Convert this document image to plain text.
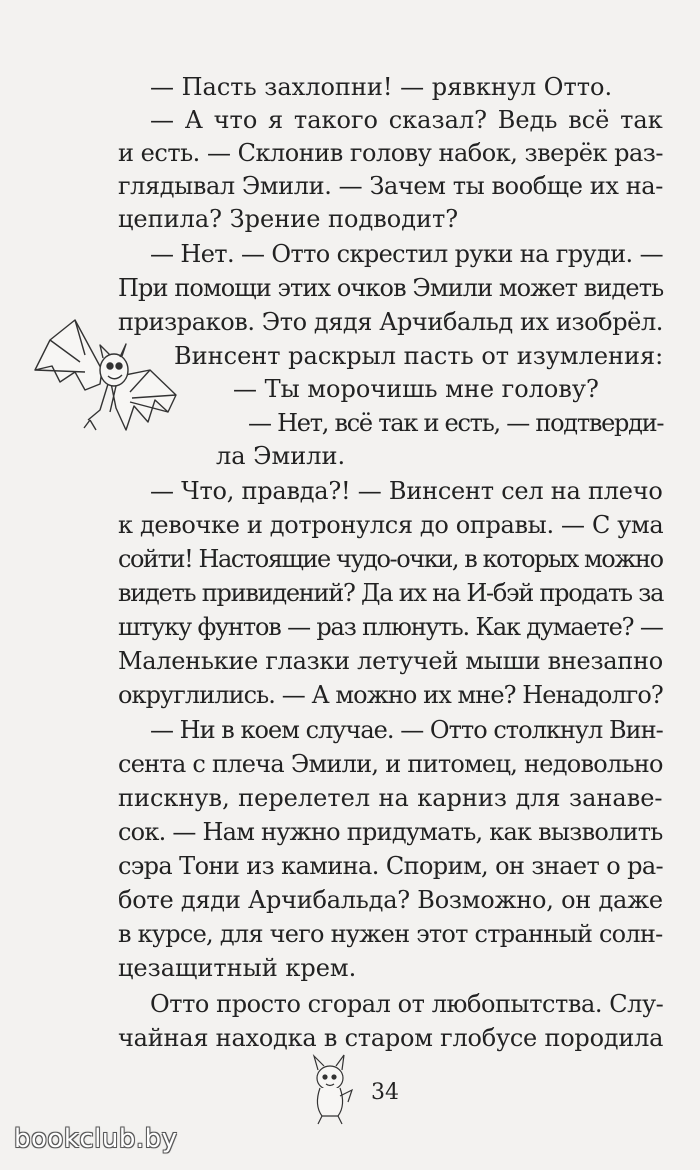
— Пасть захлопни! — рявкнул Отто.
— А что я такого сказал? Ведь всё так
и есть. — Склонив голову набок, зверёк раз-
глядывал Эмили. — Зачем ты вообще их на-
цепила? Зрение подводит?
— Нет. — Отто скрестил руки на груди. —
При помощи этих очков Эмили может видеть
призраков. Это дядя Арчибальд их изобрёл.
Винсент раскрыл пасть от изумления:
— Ты морочишь мне голову?
— Нет, всё так и есть, — подтверди-
ла Эмили.
— Что, правда?! — Винсент сел на плечо
к девочке и дотронулся до оправы. — С ума
сойти! Настоящие чудо-очки, в которых можно
видеть привидений? Да их на И-бэй продать за
штуку фунтов — раз плюнуть. Как думаете? —
Маленькие глазки летучей мыши внезапно
округлились. — А можно их мне? Ненадолго?
— Ни в коем случае. — Отто столкнул Вин-
сента с плеча Эмили, и питомец, недовольно
пискнув, перелетел на карниз для занаве-
сок. — Нам нужно придумать, как вызволить
сэра Тони из камина. Спорим, он знает о ра-
боте дяди Арчибальда? Возможно, он даже
в курсе, для чего нужен этот странный солн-
цезащитный крем.
Отто просто сгорал от любопытства. Слу-
чайная находка в старом глобусе породила
34
bookclub.by
